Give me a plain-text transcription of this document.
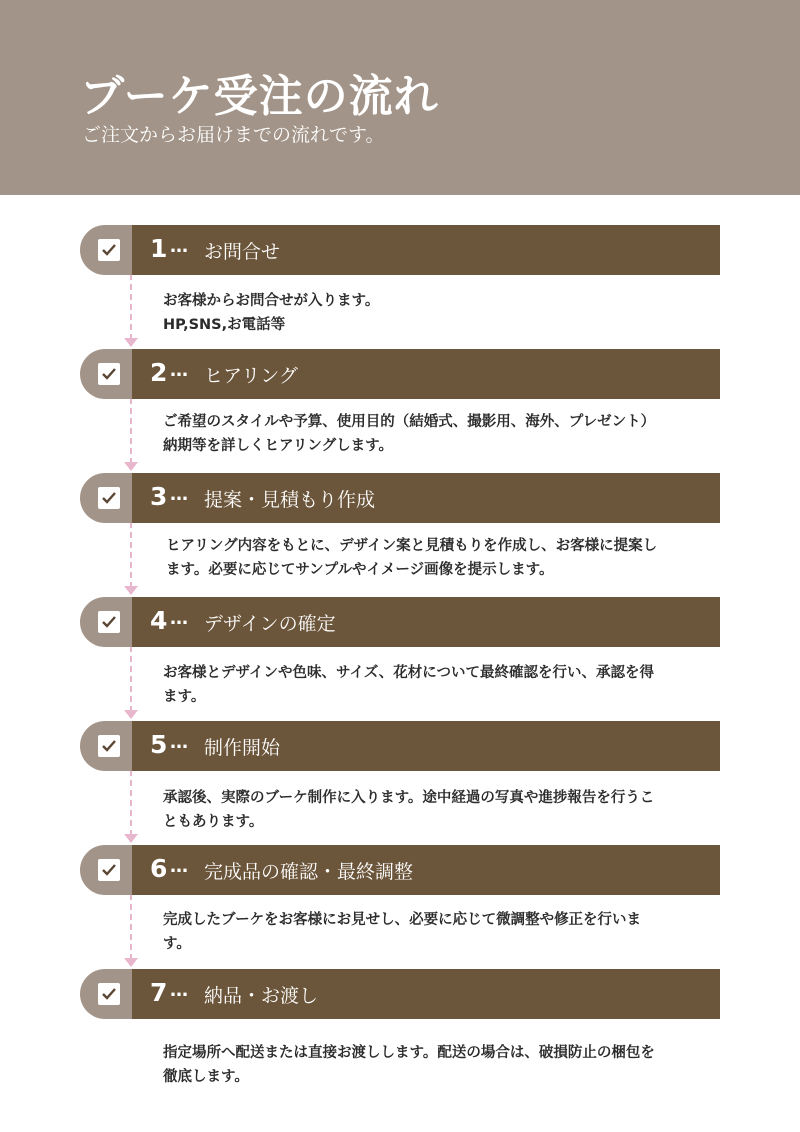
ブーケ受注の流れ
ご注文からお届けまでの流れです。
1 … お問合せ
お客様からお問合せが入ります。
HP,SNS,お電話等
2 … ヒアリング
ご希望のスタイルや予算、使用目的（結婚式、撮影用、海外、プレゼント）
納期等を詳しくヒアリングします。
3 … 提案・見積もり作成
ヒアリング内容をもとに、デザイン案と見積もりを作成し、お客様に提案し
ます。必要に応じてサンプルやイメージ画像を提示します。
4 … デザインの確定
お客様とデザインや色味、サイズ、花材について最終確認を行い、承認を得
ます。
5 … 制作開始
承認後、実際のブーケ制作に入ります。途中経過の写真や進捗報告を行うこ
ともあります。
6 … 完成品の確認・最終調整
完成したブーケをお客様にお見せし、必要に応じて微調整や修正を行いま
す。
7 … 納品・お渡し
指定場所へ配送または直接お渡しします。配送の場合は、破損防止の梱包を
徹底します。
